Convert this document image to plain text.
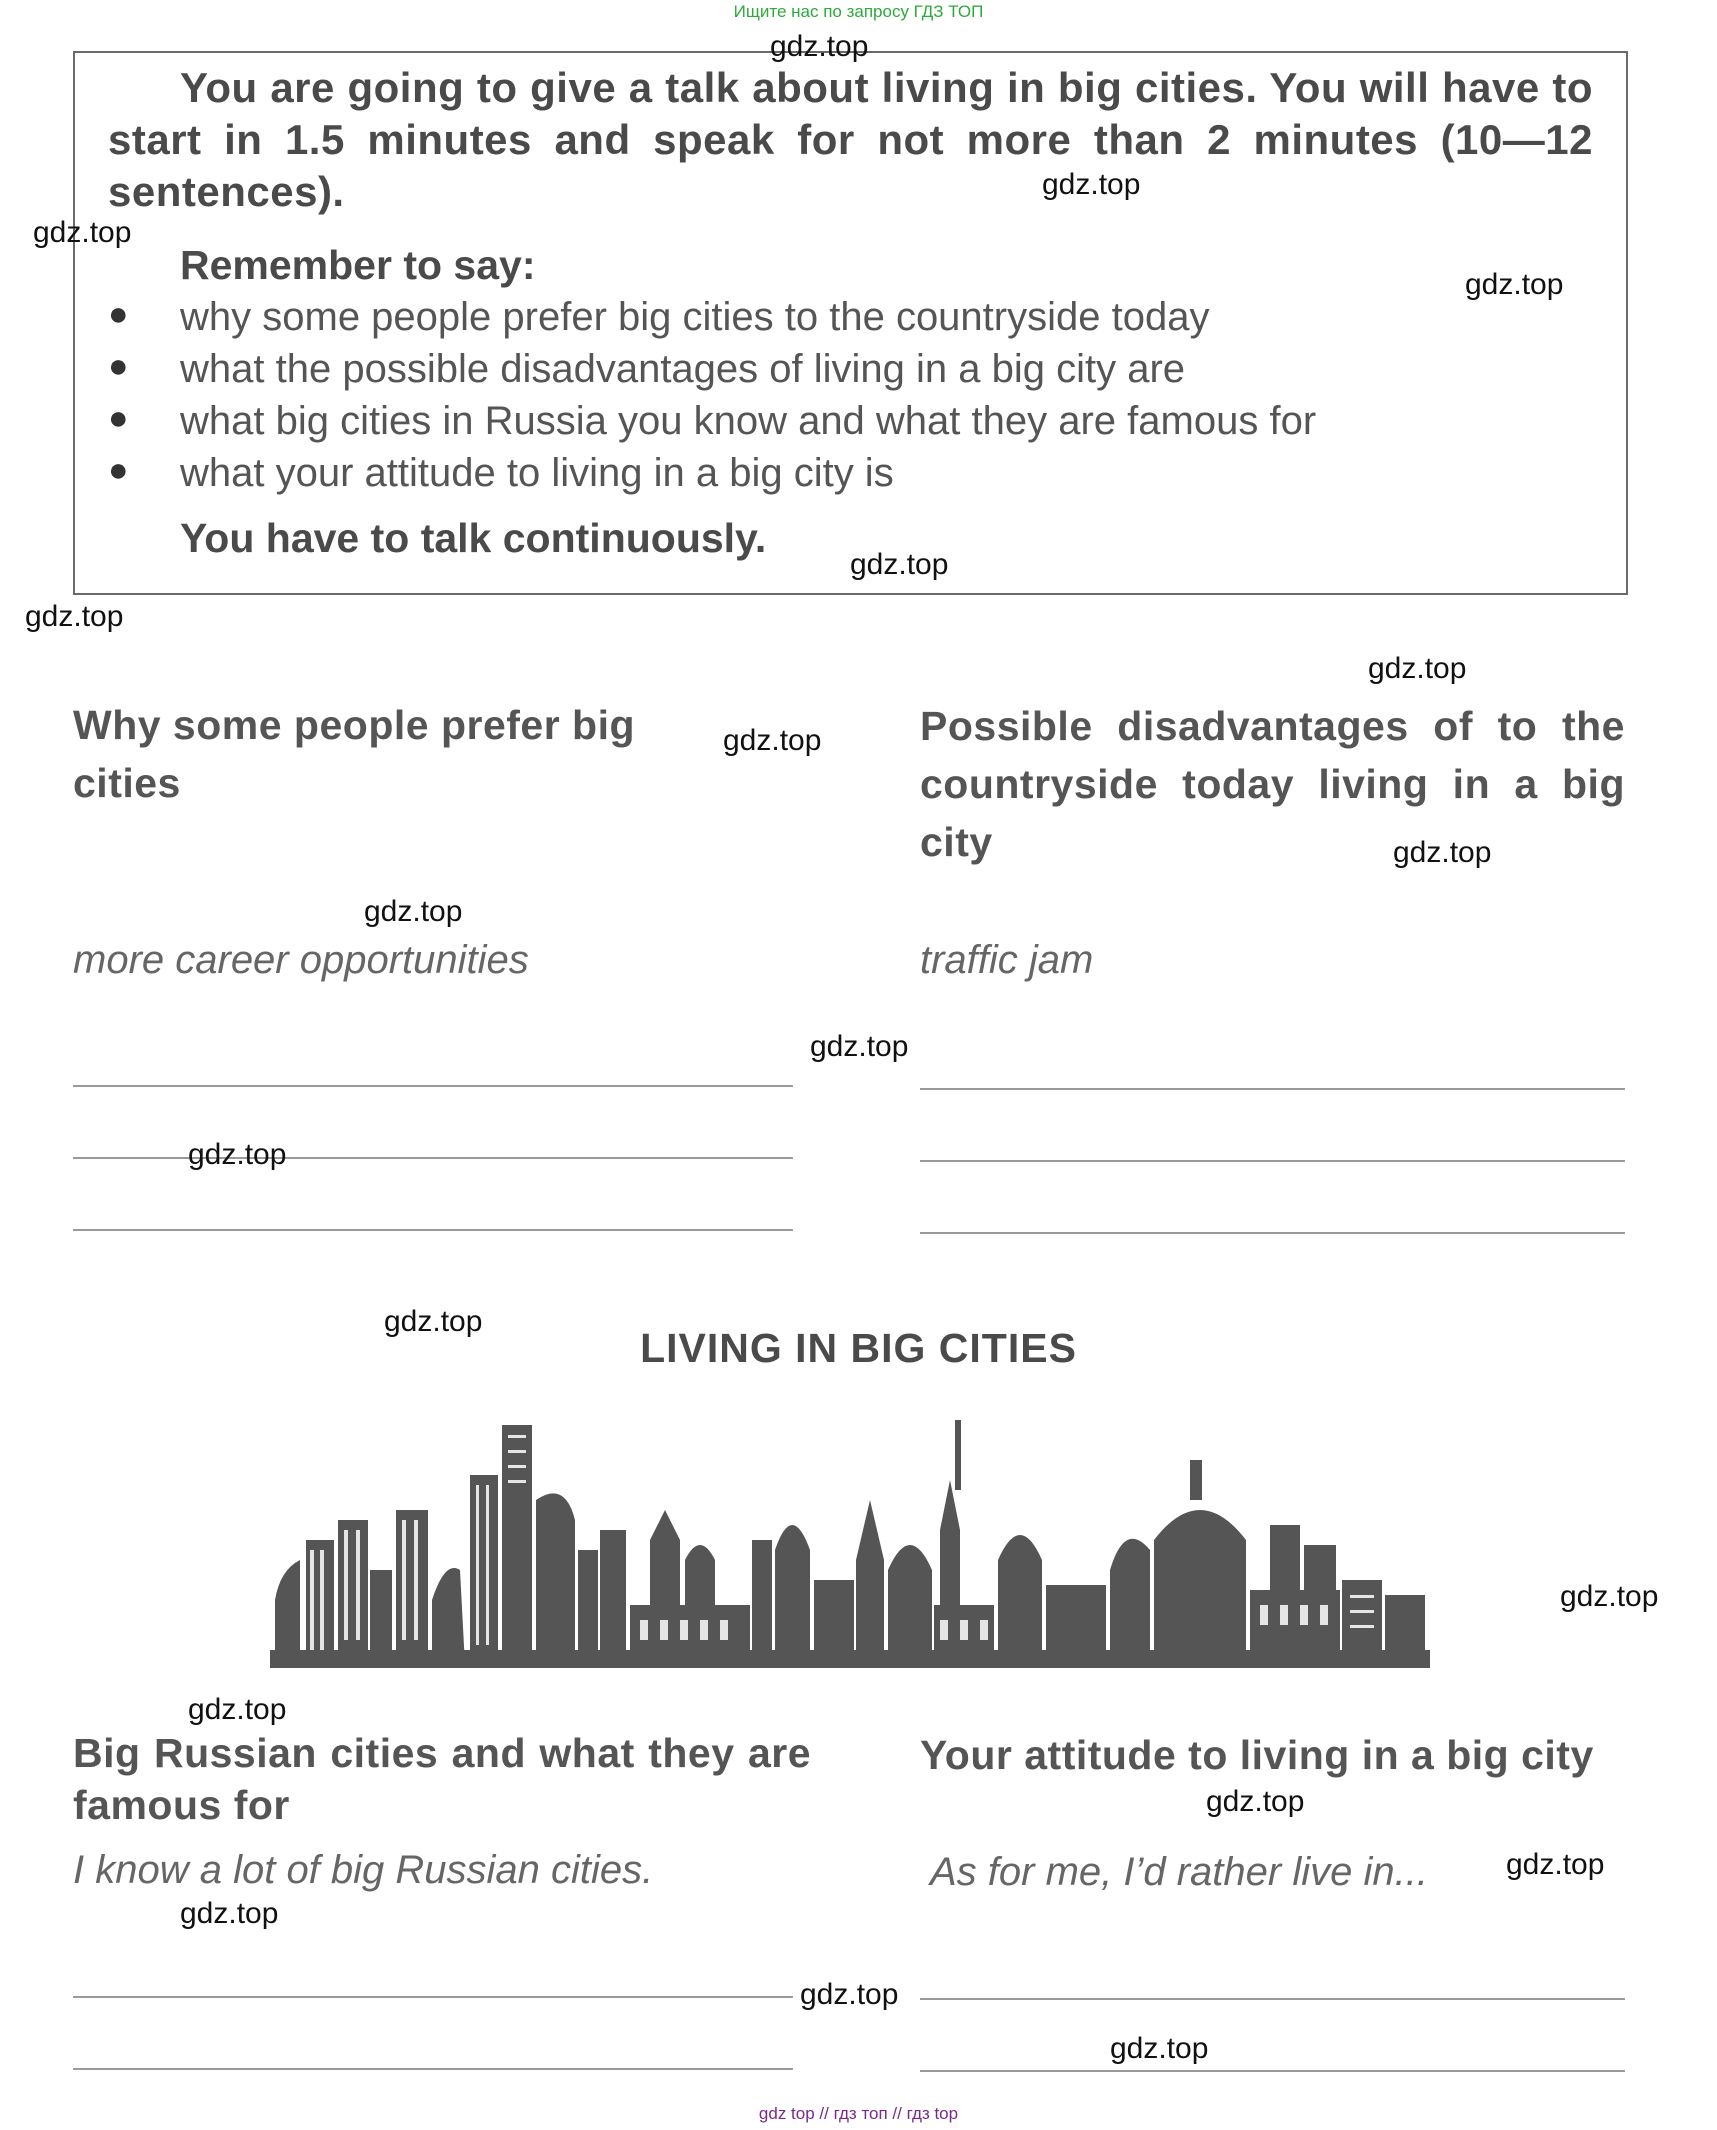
Ищите нас по запросу ГДЗ ТОП
You are going to give a talk about living in big cities. You will have to start in 1.5 minutes and speak for not more than 2 minutes (10—12 sentences).
Remember to say:
● why some people prefer big cities to the countryside today
● what the possible disadvantages of living in a big city are
● what big cities in Russia you know and what they are famous for
● what your attitude to living in a big city is
You have to talk continuously.
Why some people prefer big cities
more career opportunities
Possible disadvantages of to the countryside today living in a big city
traffic jam
LIVING IN BIG CITIES
Big Russian cities and what they are famous for
I know a lot of big Russian cities.
Your attitude to living in a big city
As for me, I’d rather live in...
gdz.top
gdz.top
gdz.top
gdz.top
gdz.top
gdz.top
gdz.top
gdz.top
gdz.top
gdz.top
gdz.top
gdz.top
gdz.top
gdz.top
gdz.top
gdz.top
gdz.top
gdz.top
gdz.top
gdz.top
gdz top // гдз топ // гдз top
